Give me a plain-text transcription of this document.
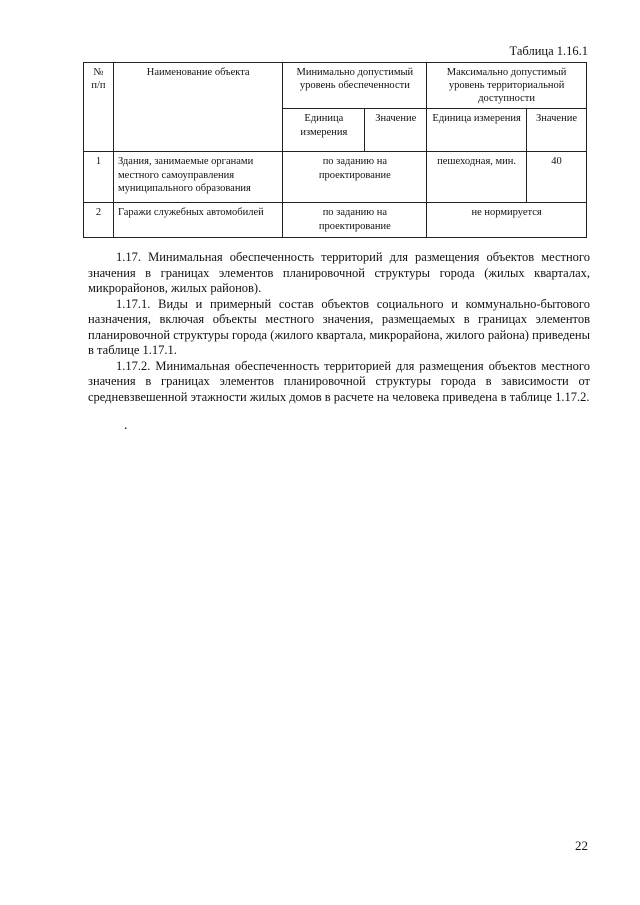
Таблица 1.16.1
№ п/п	Наименование объекта	Минимально допустимый уровень обеспеченности		Максимально допустимый уровень территориальной доступности	
		Единица измерения	Значение	Единица измерения	Значение
1	Здания, занимаемые органами местного самоуправления муниципального образования	по заданию на проектирование		пешеходная, мин.	40
2	Гаражи служебных автомобилей	по заданию на проектирование		не нормируется	

1.17. Минимальная обеспеченность территорий для размещения объектов местного значения в границах элементов планировочной структуры города (жилых кварталах, микрорайонов, жилых районов).

1.17.1. Виды и примерный состав объектов социального и коммунально-бытового назначения, включая объекты местного значения, размещаемых в границах элементов планировочной структуры города (жилого квартала, микрорайона, жилого района) приведены в таблице 1.17.1.

1.17.2. Минимальная обеспеченность территорией для размещения объектов местного значения в границах элементов планировочной структуры города в зависимости от средневзвешенной этажности жилых домов в расчете на человека приведена в таблице 1.17.2.

.
22
